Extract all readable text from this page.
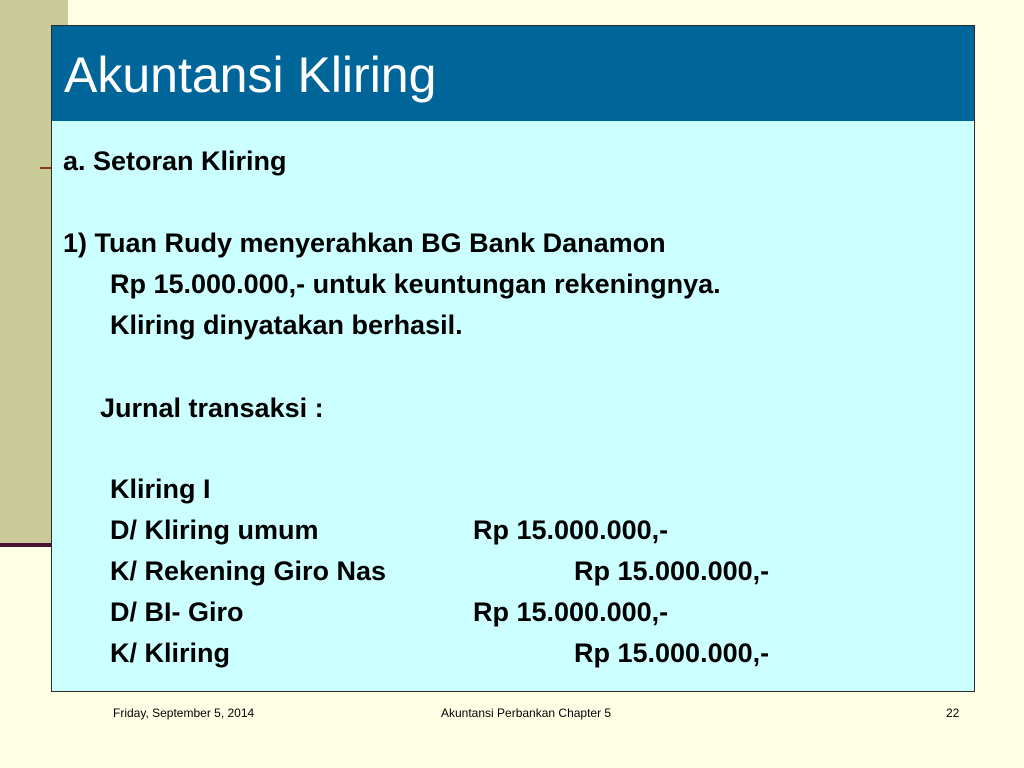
Akuntansi Kliring
a. Setoran Kliring
1) Tuan Rudy menyerahkan BG Bank Danamon
Rp 15.000.000,- untuk keuntungan rekeningnya.
Kliring dinyatakan berhasil.
Jurnal transaksi :
Kliring I
D/ Kliring umum	Rp 15.000.000,-
K/ Rekening Giro Nas	Rp 15.000.000,-
D/ BI- Giro	Rp 15.000.000,-
K/ Kliring	Rp 15.000.000,-
Friday, September 5, 2014	Akuntansi Perbankan Chapter 5	22
